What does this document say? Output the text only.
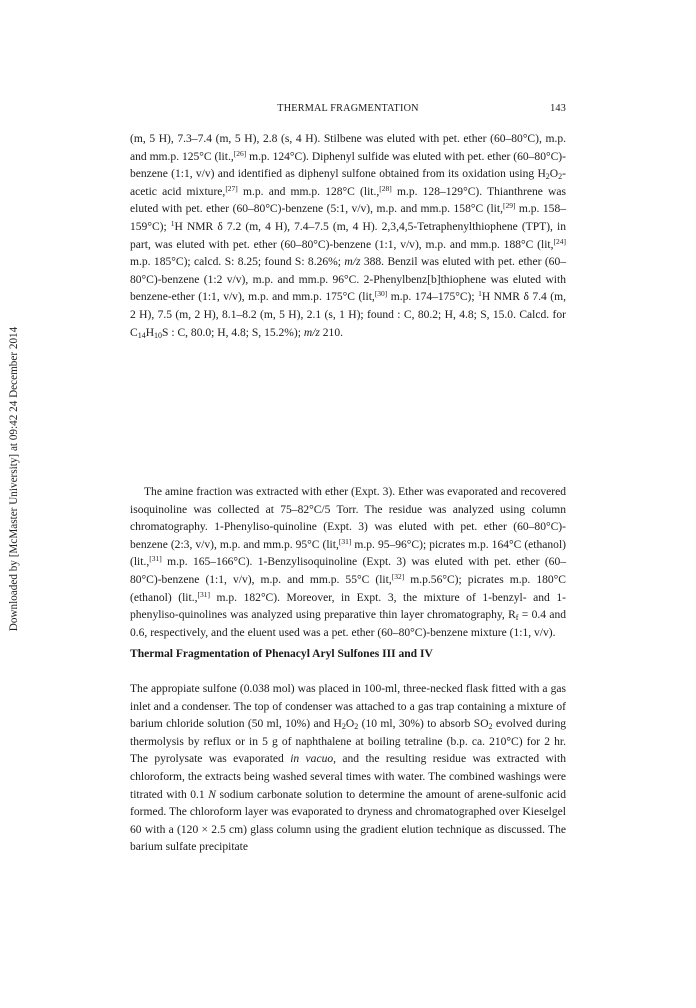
Downloaded by [McMaster University] at 09:42 24 December 2014
THERMAL FRAGMENTATION	143

(m, 5 H), 7.3–7.4 (m, 5 H), 2.8 (s, 4 H). Stilbene was eluted with pet. ether (60–80°C), m.p. and mm.p. 125°C (lit.,[26] m.p. 124°C). Diphenyl sulfide was eluted with pet. ether (60–80°C)-benzene (1:1, v/v) and identified as diphenyl sulfone obtained from its oxidation using $H_2O_2$-acetic acid mixture,[27] m.p. and mm.p. 128°C (lit.,[28] m.p. 128–129°C). Thianthrene was eluted with pet. ether (60–80°C)-benzene (5:1, v/v), m.p. and mm.p. 158°C (lit,[29] m.p. 158–159°C); $^1$H NMR δ 7.2 (m, 4 H), 7.4–7.5 (m, 4 H). 2,3,4,5-Tetraphenylthiophene (TPT), in part, was eluted with pet. ether (60–80°C)-benzene (1:1, v/v), m.p. and mm.p. 188°C (lit,[24] m.p. 185°C); calcd. S: 8.25; found S: 8.26%; m/z 388. Benzil was eluted with pet. ether (60–80°C)-benzene (1:2 v/v), m.p. and mm.p. 96°C. 2-Phenylbenz[b]thiophene was eluted with benzene-ether (1:1, v/v), m.p. and mm.p. 175°C (lit,[30] m.p. 174–175°C); $^1$H NMR δ 7.4 (m, 2 H), 7.5 (m, 2 H), 8.1–8.2 (m, 5 H), 2.1 (s, 1 H); found : C, 80.2; H, 4.8; S, 15.0. Calcd. for $C_{14}H_{10}S$ : C, 80.0; H, 4.8; S, 15.2%); m/z 210.

The amine fraction was extracted with ether (Expt. 3). Ether was evaporated and recovered isoquinoline was collected at 75–82°C/5 Torr. The residue was analyzed using column chromatography. 1-Phenyliso-quinoline (Expt. 3) was eluted with pet. ether (60–80°C)-benzene (2:3, v/v), m.p. and mm.p. 95°C (lit,[31] m.p. 95–96°C); picrates m.p. 164°C (ethanol) (lit.,[31] m.p. 165–166°C). 1-Benzylisoquinoline (Expt. 3) was eluted with pet. ether (60–80°C)-benzene (1:1, v/v), m.p. and mm.p. 55°C (lit,[32] m.p.56°C); picrates m.p. 180°C (ethanol) (lit.,[31] m.p. 182°C). Moreover, in Expt. 3, the mixture of 1-benzyl- and 1-phenyliso-quinolines was analyzed using preparative thin layer chromatography, $R_f = 0.4$ and 0.6, respectively, and the eluent used was a pet. ether (60–80°C)-benzene mixture (1:1, v/v).

Thermal Fragmentation of Phenacyl Aryl Sulfones III and IV

The appropiate sulfone (0.038 mol) was placed in 100-ml, three-necked flask fitted with a gas inlet and a condenser. The top of condenser was attached to a gas trap containing a mixture of barium chloride solution (50 ml, 10%) and $H_2O_2$ (10 ml, 30%) to absorb $SO_2$ evolved during thermolysis by reflux or in 5 g of naphthalene at boiling tetraline (b.p. ca. 210°C) for 2 hr. The pyrolysate was evaporated in vacuo, and the resulting residue was extracted with chloroform, the extracts being washed several times with water. The combined washings were titrated with 0.1 N sodium carbonate solution to determine the amount of arene-sulfonic acid formed. The chloroform layer was evaporated to dryness and chromatographed over Kieselgel 60 with a (120 × 2.5 cm) glass column using the gradient elution technique as discussed. The barium sulfate precipitate
